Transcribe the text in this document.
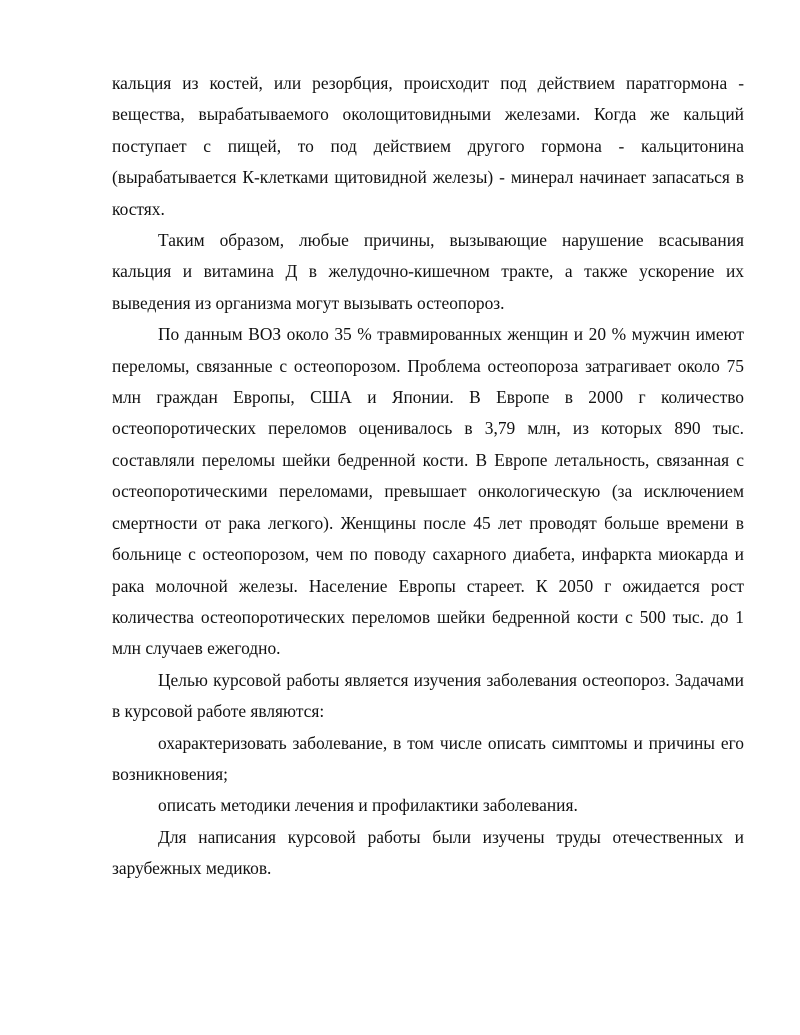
кальция из костей, или резорбция, происходит под действием паратгормона - вещества, вырабатываемого околощитовидными железами. Когда же кальций поступает с пищей, то под действием другого гормона - кальцитонина (вырабатывается К-клетками щитовидной железы) - минерал начинает запасаться в костях.

Таким образом, любые причины, вызывающие нарушение всасывания кальция и витамина Д в желудочно-кишечном тракте, а также ускорение их выведения из организма могут вызывать остеопороз.

По данным ВОЗ около 35 % травмированных женщин и 20 % мужчин имеют переломы, связанные с остеопорозом. Проблема остеопороза затрагивает около 75 млн граждан Европы, США и Японии. В Европе в 2000 г количество остеопоротических переломов оценивалось в 3,79 млн, из которых 890 тыс. составляли переломы шейки бедренной кости. В Европе летальность, связанная с остеопоротическими переломами, превышает онкологическую (за исключением смертности от рака легкого). Женщины после 45 лет проводят больше времени в больнице с остеопорозом, чем по поводу сахарного диабета, инфаркта миокарда и рака молочной железы. Население Европы стареет. К 2050 г ожидается рост количества остеопоротических переломов шейки бедренной кости с 500 тыс. до 1 млн случаев ежегодно.

Целью курсовой работы является изучения заболевания остеопороз. Задачами в курсовой работе являются:

охарактеризовать заболевание, в том числе описать симптомы и причины его возникновения;

описать методики лечения и профилактики заболевания.

Для написания курсовой работы были изучены труды отечественных и зарубежных медиков.
